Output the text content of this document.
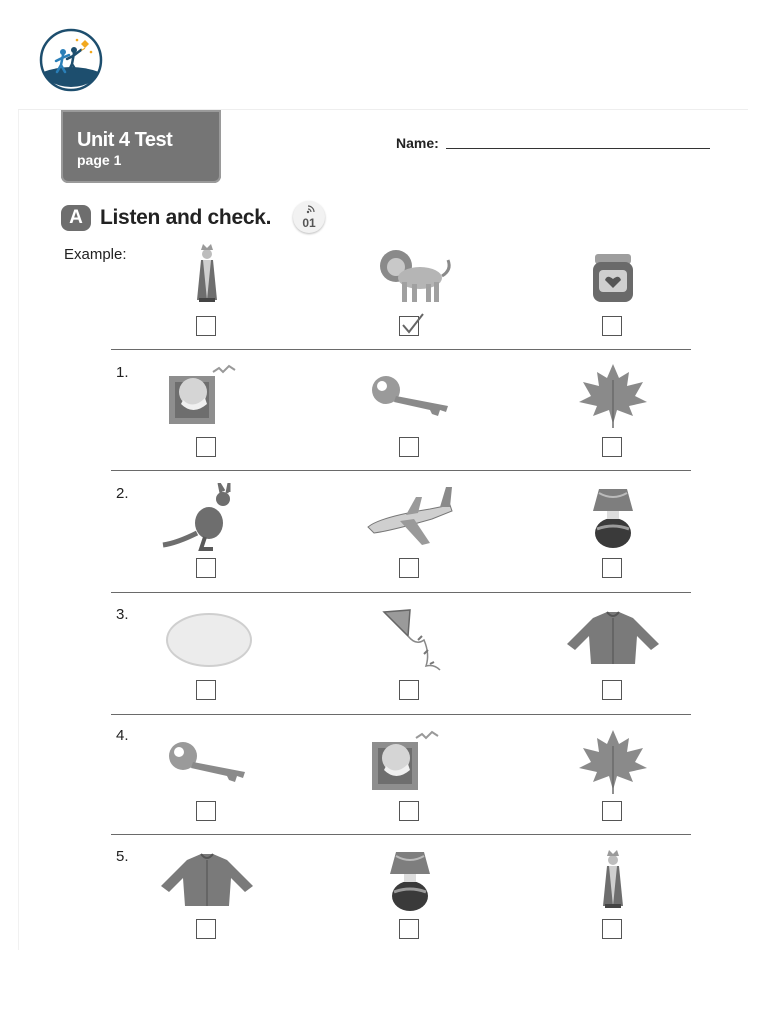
Unit 4 Test
page 1
Name:
A Listen and check.	01
Example:
1.
2.
3.
4.
5.
